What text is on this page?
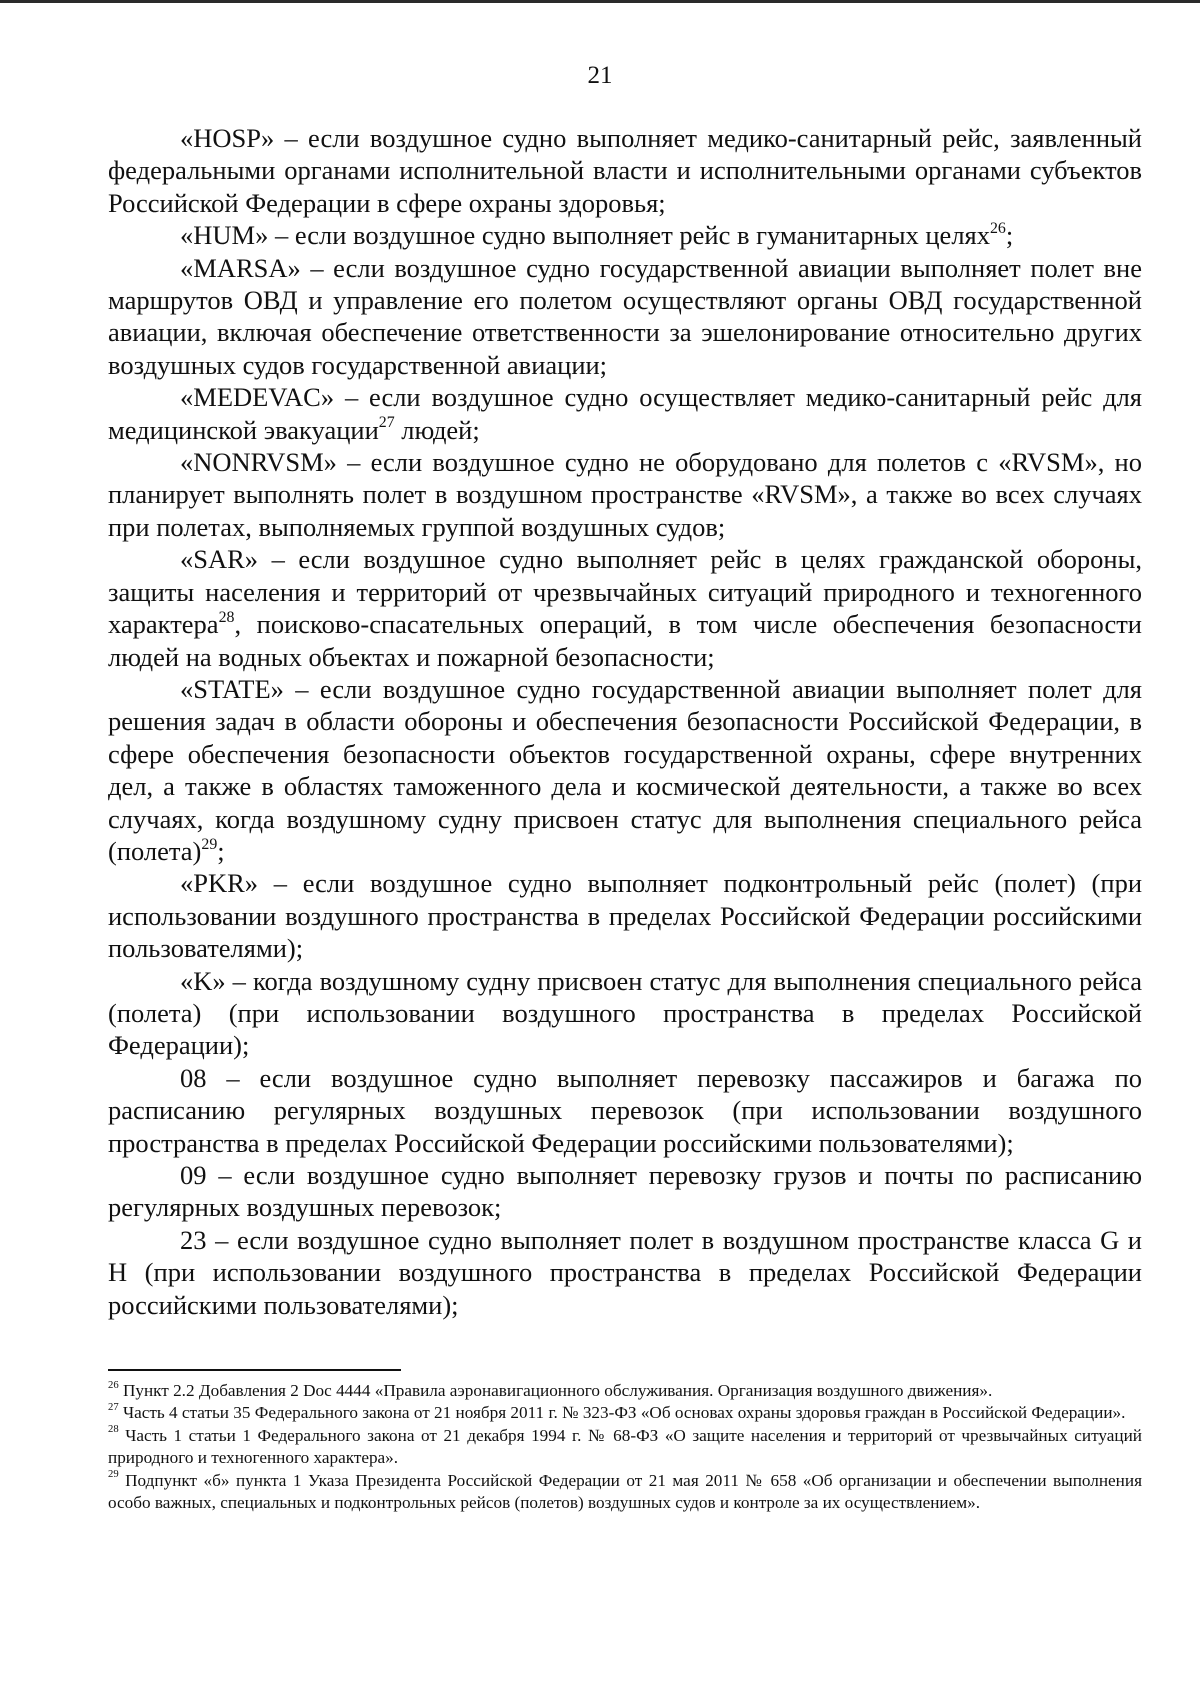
21

«HOSP» – если воздушное судно выполняет медико-санитарный рейс, заявленный федеральными органами исполнительной власти и исполнительными органами субъектов Российской Федерации в сфере охраны здоровья;

«HUM» – если воздушное судно выполняет рейс в гуманитарных целях$^{26}$;

«MARSA» – если воздушное судно государственной авиации выполняет полет вне маршрутов ОВД и управление его полетом осуществляют органы ОВД государственной авиации, включая обеспечение ответственности за эшелонирование относительно других воздушных судов государственной авиации;

«MEDEVAC» – если воздушное судно осуществляет медико-санитарный рейс для медицинской эвакуации$^{27}$ людей;

«NONRVSM» – если воздушное судно не оборудовано для полетов с «RVSM», но планирует выполнять полет в воздушном пространстве «RVSM», а также во всех случаях при полетах, выполняемых группой воздушных судов;

«SAR» – если воздушное судно выполняет рейс в целях гражданской обороны, защиты населения и территорий от чрезвычайных ситуаций природного и техногенного характера$^{28}$, поисково-спасательных операций, в том числе обеспечения безопасности людей на водных объектах и пожарной безопасности;

«STATE» – если воздушное судно государственной авиации выполняет полет для решения задач в области обороны и обеспечения безопасности Российской Федерации, в сфере обеспечения безопасности объектов государственной охраны, сфере внутренних дел, а также в областях таможенного дела и космической деятельности, а также во всех случаях, когда воздушному судну присвоен статус для выполнения специального рейса (полета)$^{29}$;

«PKR» – если воздушное судно выполняет подконтрольный рейс (полет) (при использовании воздушного пространства в пределах Российской Федерации российскими пользователями);

«K» – когда воздушному судну присвоен статус для выполнения специального рейса (полета) (при использовании воздушного пространства в пределах Российской Федерации);

08 – если воздушное судно выполняет перевозку пассажиров и багажа по расписанию регулярных воздушных перевозок (при использовании воздушного пространства в пределах Российской Федерации российскими пользователями);

09 – если воздушное судно выполняет перевозку грузов и почты по расписанию регулярных воздушных перевозок;

23 – если воздушное судно выполняет полет в воздушном пространстве класса G и H (при использовании воздушного пространства в пределах Российской Федерации российскими пользователями);

$^{26}$ Пункт 2.2 Добавления 2 Doc 4444 «Правила аэронавигационного обслуживания. Организация воздушного движения».

$^{27}$ Часть 4 статьи 35 Федерального закона от 21 ноября 2011 г. № 323-ФЗ «Об основах охраны здоровья граждан в Российской Федерации».

$^{28}$ Часть 1 статьи 1 Федерального закона от 21 декабря 1994 г. № 68-ФЗ «О защите населения и территорий от чрезвычайных ситуаций природного и техногенного характера».

$^{29}$ Подпункт «б» пункта 1 Указа Президента Российской Федерации от 21 мая 2011 № 658 «Об организации и обеспечении выполнения особо важных, специальных и подконтрольных рейсов (полетов) воздушных судов и контроле за их осуществлением».
